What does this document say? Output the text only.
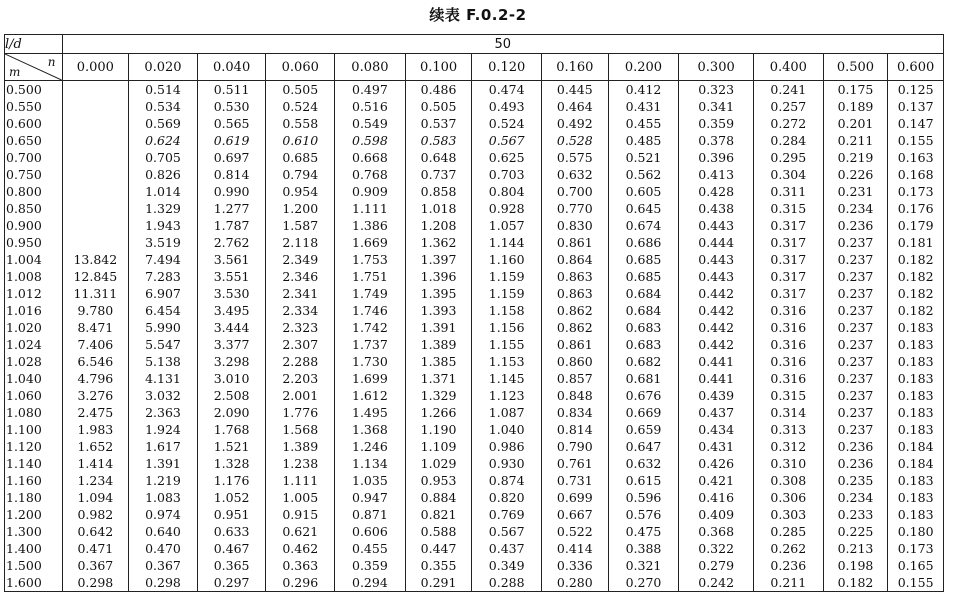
续表 F.0.2-2
l/d	50												

n
m	0.000	0.020	0.040	0.060	0.080	0.100	0.120	0.160	0.200	0.300	0.400	0.500	0.600
0.500		0.514	0.511	0.505	0.497	0.486	0.474	0.445	0.412	0.323	0.241	0.175	0.125
0.550		0.534	0.530	0.524	0.516	0.505	0.493	0.464	0.431	0.341	0.257	0.189	0.137
0.600		0.569	0.565	0.558	0.549	0.537	0.524	0.492	0.455	0.359	0.272	0.201	0.147
0.650		0.624	0.619	0.610	0.598	0.583	0.567	0.528	0.485	0.378	0.284	0.211	0.155
0.700		0.705	0.697	0.685	0.668	0.648	0.625	0.575	0.521	0.396	0.295	0.219	0.163
0.750		0.826	0.814	0.794	0.768	0.737	0.703	0.632	0.562	0.413	0.304	0.226	0.168
0.800		1.014	0.990	0.954	0.909	0.858	0.804	0.700	0.605	0.428	0.311	0.231	0.173
0.850		1.329	1.277	1.200	1.111	1.018	0.928	0.770	0.645	0.438	0.315	0.234	0.176
0.900		1.943	1.787	1.587	1.386	1.208	1.057	0.830	0.674	0.443	0.317	0.236	0.179
0.950		3.519	2.762	2.118	1.669	1.362	1.144	0.861	0.686	0.444	0.317	0.237	0.181
1.004	13.842	7.494	3.561	2.349	1.753	1.397	1.160	0.864	0.685	0.443	0.317	0.237	0.182
1.008	12.845	7.283	3.551	2.346	1.751	1.396	1.159	0.863	0.685	0.443	0.317	0.237	0.182
1.012	11.311	6.907	3.530	2.341	1.749	1.395	1.159	0.863	0.684	0.442	0.317	0.237	0.182
1.016	9.780	6.454	3.495	2.334	1.746	1.393	1.158	0.862	0.684	0.442	0.316	0.237	0.182
1.020	8.471	5.990	3.444	2.323	1.742	1.391	1.156	0.862	0.683	0.442	0.316	0.237	0.183
1.024	7.406	5.547	3.377	2.307	1.737	1.389	1.155	0.861	0.683	0.442	0.316	0.237	0.183
1.028	6.546	5.138	3.298	2.288	1.730	1.385	1.153	0.860	0.682	0.441	0.316	0.237	0.183
1.040	4.796	4.131	3.010	2.203	1.699	1.371	1.145	0.857	0.681	0.441	0.316	0.237	0.183
1.060	3.276	3.032	2.508	2.001	1.612	1.329	1.123	0.848	0.676	0.439	0.315	0.237	0.183
1.080	2.475	2.363	2.090	1.776	1.495	1.266	1.087	0.834	0.669	0.437	0.314	0.237	0.183
1.100	1.983	1.924	1.768	1.568	1.368	1.190	1.040	0.814	0.659	0.434	0.313	0.237	0.183
1.120	1.652	1.617	1.521	1.389	1.246	1.109	0.986	0.790	0.647	0.431	0.312	0.236	0.184
1.140	1.414	1.391	1.328	1.238	1.134	1.029	0.930	0.761	0.632	0.426	0.310	0.236	0.184
1.160	1.234	1.219	1.176	1.111	1.035	0.953	0.874	0.731	0.615	0.421	0.308	0.235	0.183
1.180	1.094	1.083	1.052	1.005	0.947	0.884	0.820	0.699	0.596	0.416	0.306	0.234	0.183
1.200	0.982	0.974	0.951	0.915	0.871	0.821	0.769	0.667	0.576	0.409	0.303	0.233	0.183
1.300	0.642	0.640	0.633	0.621	0.606	0.588	0.567	0.522	0.475	0.368	0.285	0.225	0.180
1.400	0.471	0.470	0.467	0.462	0.455	0.447	0.437	0.414	0.388	0.322	0.262	0.213	0.173
1.500	0.367	0.367	0.365	0.363	0.359	0.355	0.349	0.336	0.321	0.279	0.236	0.198	0.165
1.600	0.298	0.298	0.297	0.296	0.294	0.291	0.288	0.280	0.270	0.242	0.211	0.182	0.155
